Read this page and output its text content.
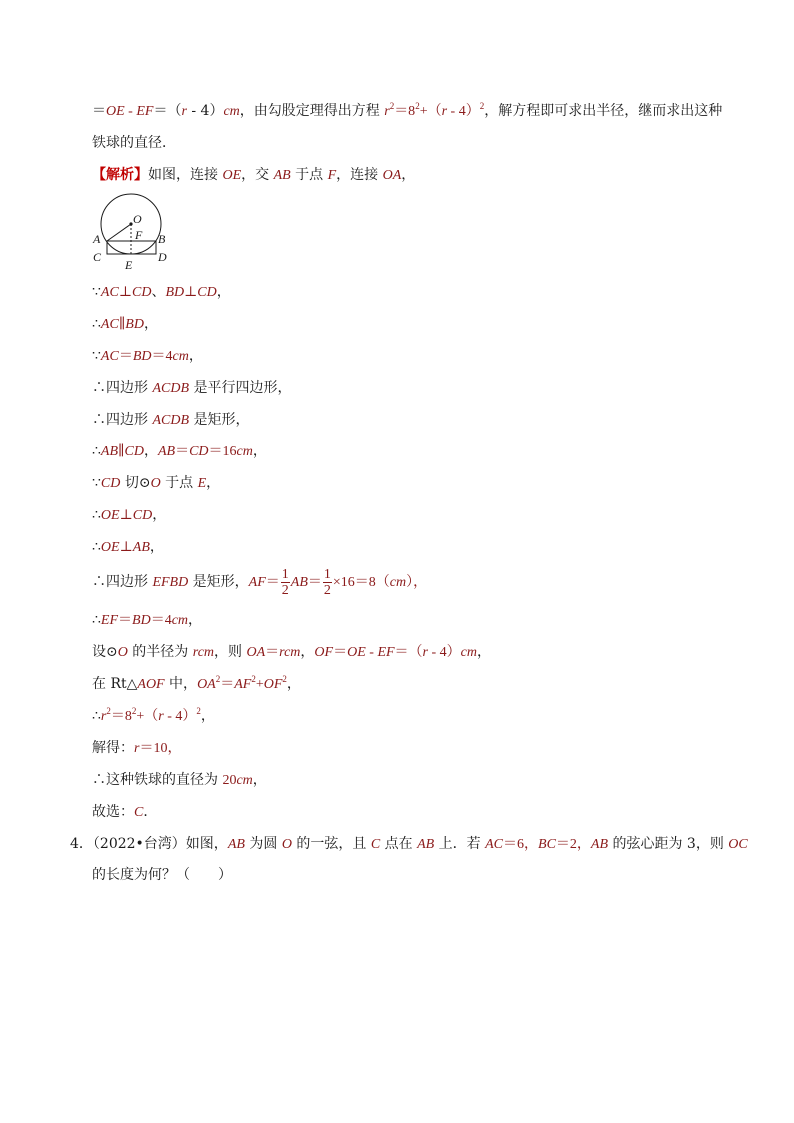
＝OE - EF＝（r - 4）cm，由勾股定理得出方程 $r^2=8^2+(r - 4)^2$，解方程即可求出半径，继而求出这种
铁球的直径．
【解析】如图，连接 OE，交 AB 于点 F，连接 OA，
O
F
A	B
C	D
E
∵AC⊥CD、BD⊥CD，
∴AC∥BD，
∵AC＝BD＝4cm，
∴四边形 ACDB 是平行四边形，
∴四边形 ACDB 是矩形，
∴AB∥CD，AB＝CD＝16cm，
∵CD 切⊙O 于点 E，
∴OE⊥CD，
∴OE⊥AB，
∴四边形 EFBD 是矩形，$AF= \frac{1}{2} AB= \frac{1}{2} \times 16=8(cm)$，
∴EF＝BD＝4cm，
设⊙O 的半径为 rcm，则 OA＝rcm，OF＝OE - EF＝（r - 4）cm，
在 Rt△AOF 中，$OA^2=AF^2+OF^2$，
$\therefore r^2=8^2+(r - 4)^2$，
解得：r＝10，
∴这种铁球的直径为 20cm，
故选：C．
4．（2022•台湾）如图，AB 为圆 O 的一弦，且 C 点在 AB 上．若 AC＝6，BC＝2，AB 的弦心距为 3，则 OC
的长度为何？（　　）
